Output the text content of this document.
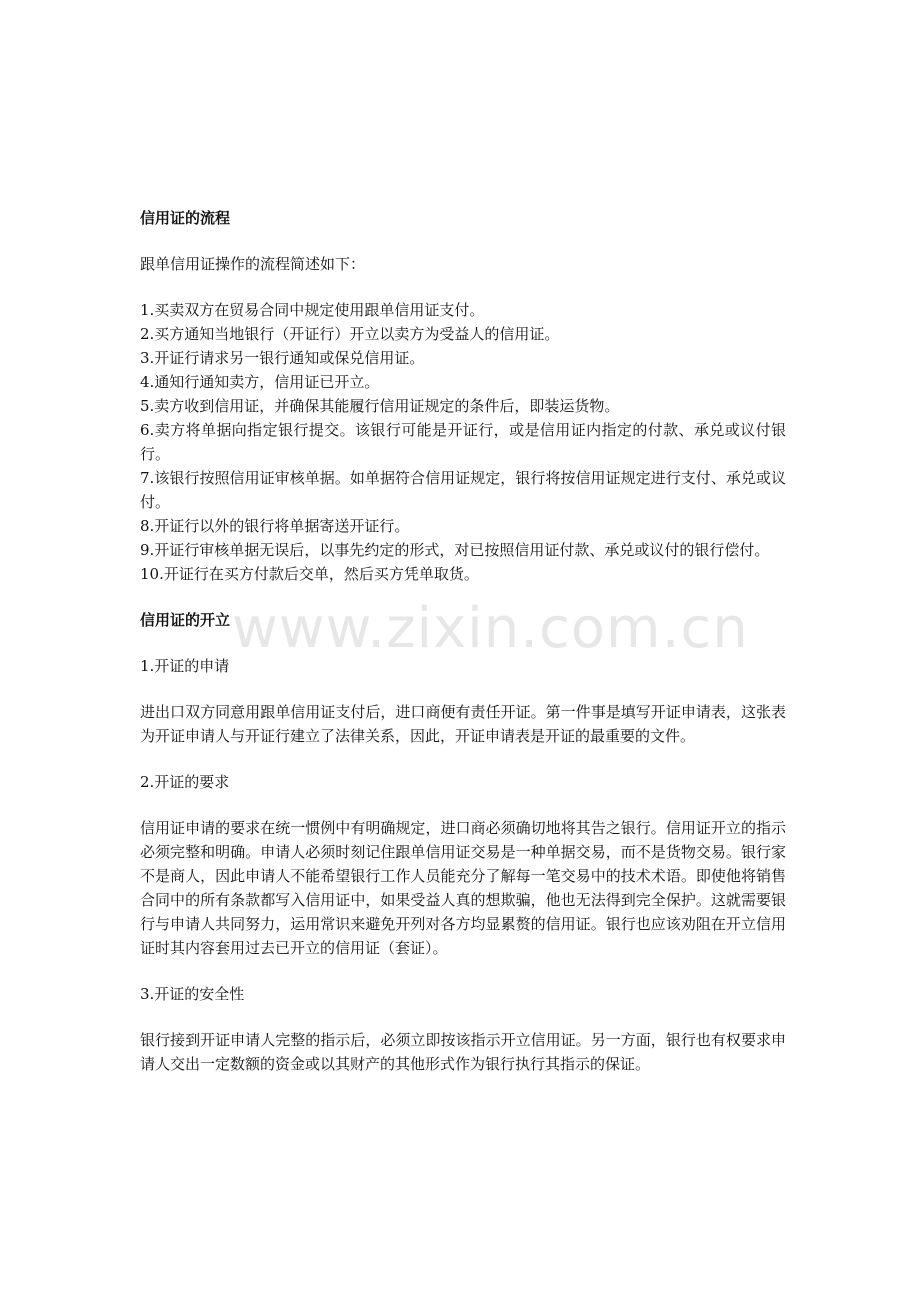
www.zixin.com.cn
信用证的流程

跟单信用证操作的流程简述如下：

1.买卖双方在贸易合同中规定使用跟单信用证支付。
2.买方通知当地银行（开证行）开立以卖方为受益人的信用证。
3.开证行请求另一银行通知或保兑信用证。
4.通知行通知卖方，信用证已开立。
5.卖方收到信用证，并确保其能履行信用证规定的条件后，即装运货物。
6.卖方将单据向指定银行提交。该银行可能是开证行，或是信用证内指定的付款、承兑或议付银行。
7.该银行按照信用证审核单据。如单据符合信用证规定，银行将按信用证规定进行支付、承兑或议付。
8.开证行以外的银行将单据寄送开证行。
9.开证行审核单据无误后，以事先约定的形式，对已按照信用证付款、承兑或议付的银行偿付。
10.开证行在买方付款后交单，然后买方凭单取货。
信用证的开立

1.开证的申请

进出口双方同意用跟单信用证支付后，进口商便有责任开证。第一件事是填写开证申请表，这张表为开证申请人与开证行建立了法律关系，因此，开证申请表是开证的最重要的文件。

2.开证的要求

信用证申请的要求在统一惯例中有明确规定，进口商必须确切地将其告之银行。信用证开立的指示必须完整和明确。申请人必须时刻记住跟单信用证交易是一种单据交易，而不是货物交易。银行家不是商人，因此申请人不能希望银行工作人员能充分了解每一笔交易中的技术术语。即使他将销售合同中的所有条款都写入信用证中，如果受益人真的想欺骗，他也无法得到完全保护。这就需要银行与申请人共同努力，运用常识来避免开列对各方均显累赘的信用证。银行也应该劝阻在开立信用证时其内容套用过去已开立的信用证（套证）。

3.开证的安全性

银行接到开证申请人完整的指示后，必须立即按该指示开立信用证。另一方面，银行也有权要求申请人交出一定数额的资金或以其财产的其他形式作为银行执行其指示的保证。
